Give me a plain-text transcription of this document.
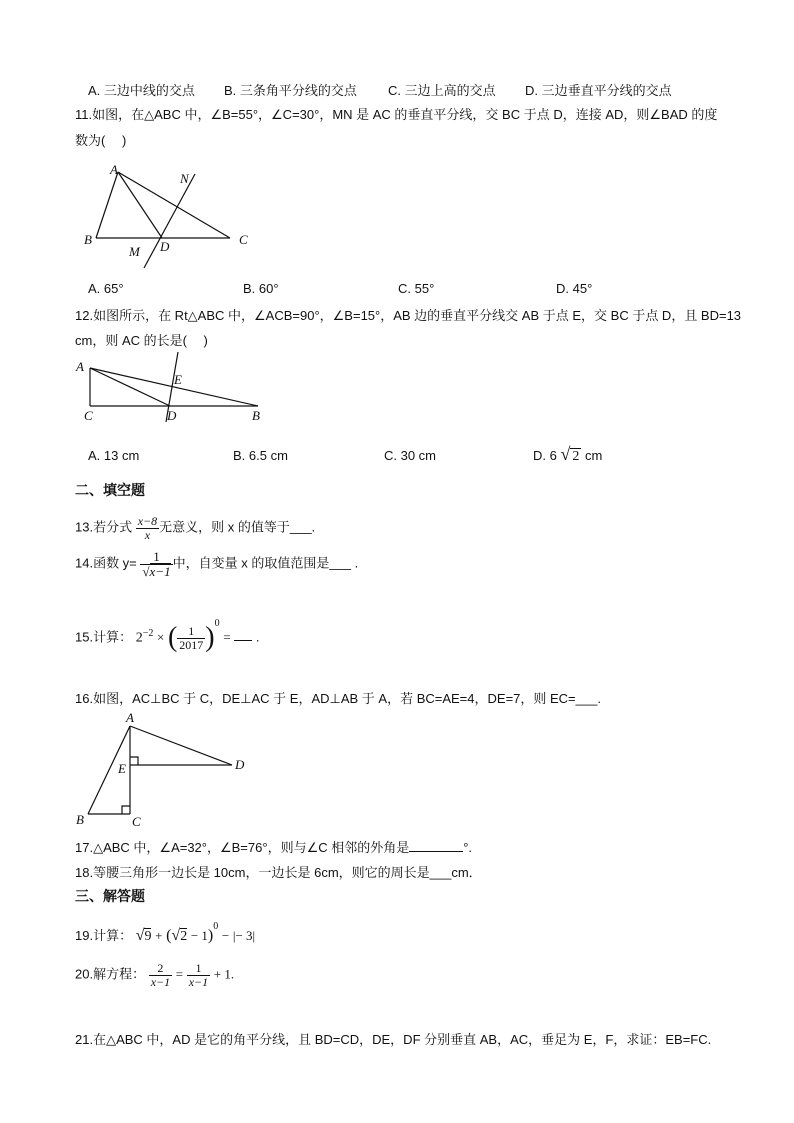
A. 三边中线的交点 B. 三条角平分线的交点 C. 三边上高的交点 D. 三边垂直平分线的交点
11.如图，在△ABC 中，∠B=55°，∠C=30°，MN 是 AC 的垂直平分线，交 BC 于点 D，连接 AD，则∠BAD 的度
数为(　 )
A
B	C
D
M
N
A. 65°	B. 60°	C. 55°	D. 45°
12.如图所示，在 Rt△ABC 中，∠ACB=90°，∠B=15°，AB 边的垂直平分线交 AB 于点 E，交 BC 于点 D，且 BD=13
cm，则 AC 的长是(　 )
A
C	D
E
B
A. 13 cm	B. 6.5 cm	C. 30 cm	D. 6 √ 2 cm
二、填空题
13.若分式 $\frac{x-8}{x}$ 无意义，则 x 的值等于___.
14.函数 $y= \frac{1}{√x-1}$ 中，自变量 x 的取值范围是___ .
15.计算： $2^{-2}$ × ( $\frac{1}{2017} )^0$ = .
16.如图，AC⊥BC 于 C，DE⊥AC 于 E，AD⊥AB 于 A，若 BC=AE=4，DE=7，则 EC=___.
A
E	D
B	C
17.△ABC 中，∠A=32°，∠B=76°，则与∠C 相邻的外角是	°.
18.等腰三角形一边长是 10cm，一边长是 6cm，则它的周长是___cm．
三、解答题
19.计算： $√9 + (√2 - 1)^0$ − |− 3|
20.解方程： $\frac{2}{x-1} = \frac{1}{x-1} + 1$.
21.在△ABC 中，AD 是它的角平分线，且 BD=CD，DE，DF 分别垂直 AB，AC，垂足为 E，F，求证：EB=FC.
